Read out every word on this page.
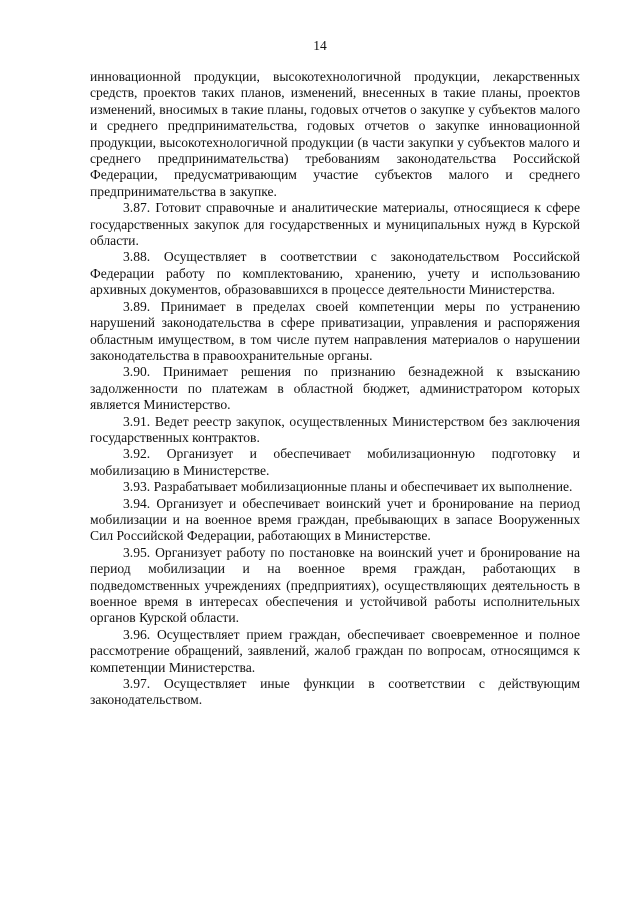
14

инновационной продукции, высокотехнологичной продукции, лекарственных средств, проектов таких планов, изменений, внесенных в такие планы, проектов изменений, вносимых в такие планы, годовых отчетов о закупке у субъектов малого и среднего предпринимательства, годовых отчетов о закупке инновационной продукции, высокотехнологичной продукции (в части закупки у субъектов малого и среднего предпринимательства) требованиям законодательства Российской Федерации, предусматривающим участие субъектов малого и среднего предпринимательства в закупке.

3.87. Готовит справочные и аналитические материалы, относящиеся к сфере государственных закупок для государственных и муниципальных нужд в Курской области.

3.88. Осуществляет в соответствии с законодательством Российской Федерации работу по комплектованию, хранению, учету и использованию архивных документов, образовавшихся в процессе деятельности Министерства.

3.89. Принимает в пределах своей компетенции меры по устранению нарушений законодательства в сфере приватизации, управления и распоряжения областным имуществом, в том числе путем направления материалов о нарушении законодательства в правоохранительные органы.

3.90. Принимает решения по признанию безнадежной к взысканию задолженности по платежам в областной бюджет, администратором которых является Министерство.

3.91. Ведет реестр закупок, осуществленных Министерством без заключения государственных контрактов.

3.92. Организует и обеспечивает мобилизационную подготовку и мобилизацию в Министерстве.

3.93. Разрабатывает мобилизационные планы и обеспечивает их выполнение.

3.94. Организует и обеспечивает воинский учет и бронирование на период мобилизации и на военное время граждан, пребывающих в запасе Вооруженных Сил Российской Федерации, работающих в Министерстве.

3.95. Организует работу по постановке на воинский учет и бронирование на период мобилизации и на военное время граждан, работающих в подведомственных учреждениях (предприятиях), осуществляющих деятельность в военное время в интересах обеспечения и устойчивой работы исполнительных органов Курской области.

3.96. Осуществляет прием граждан, обеспечивает своевременное и полное рассмотрение обращений, заявлений, жалоб граждан по вопросам, относящимся к компетенции Министерства.

3.97. Осуществляет иные функции в соответствии с действующим законодательством.
